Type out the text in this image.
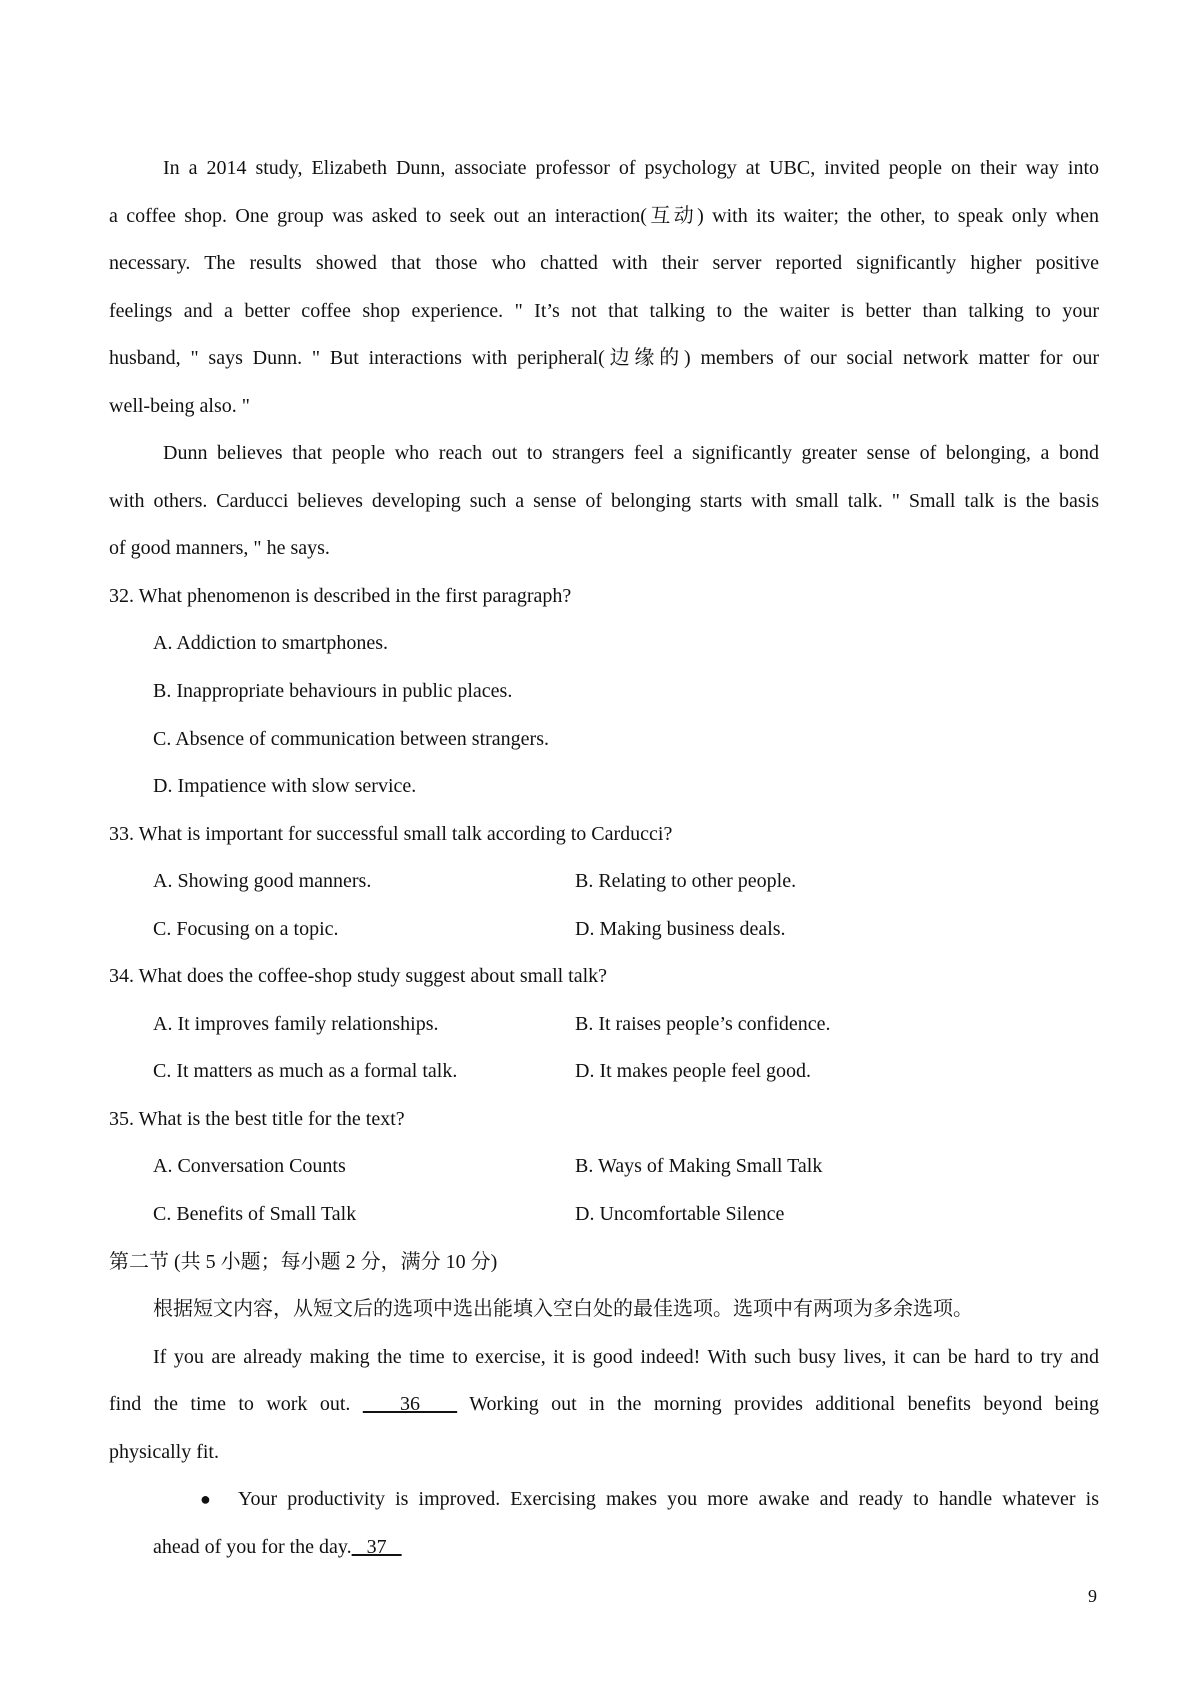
In a 2014 study, Elizabeth Dunn, associate professor of psychology at UBC, invited people on their way into
a coffee shop. One group was asked to seek out an interaction(互动) with its waiter; the other, to speak only when
necessary. The results showed that those who chatted with their server reported significantly higher positive
feelings and a better coffee shop experience. " It’s not that talking to the waiter is better than talking to your
husband, " says Dunn. " But interactions with peripheral(边缘的) members of our social network matter for our
well-being also. "
Dunn believes that people who reach out to strangers feel a significantly greater sense of belonging, a bond
with others. Carducci believes developing such a sense of belonging starts with small talk. " Small talk is the basis
of good manners, " he says.
32. What phenomenon is described in the first paragraph?
A. Addiction to smartphones.
B. Inappropriate behaviours in public places.
C. Absence of communication between strangers.
D. Impatience with slow service.
33. What is important for successful small talk according to Carducci?
A. Showing good manners.	B. Relating to other people.
C. Focusing on a topic.	D. Making business deals.
34. What does the coffee-shop study suggest about small talk?
A. It improves family relationships.	B. It raises people’s confidence.
C. It matters as much as a formal talk.	D. It makes people feel good.
35. What is the best title for the text?
A. Conversation Counts	B. Ways of Making Small Talk
C. Benefits of Small Talk	D. Uncomfortable Silence
第二节 (共 5 小题；每小题 2 分，满分 10 分)
根据短文内容，从短文后的选项中选出能填入空白处的最佳选项。选项中有两项为多余选项。
If you are already making the time to exercise, it is good indeed! With such busy lives, it can be hard to try and
find the time to work out.    36    Working out in the morning provides additional benefits beyond being
physically fit.
● Your productivity is improved. Exercising makes you more awake and ready to handle whatever is
ahead of you for the day.   37
9
